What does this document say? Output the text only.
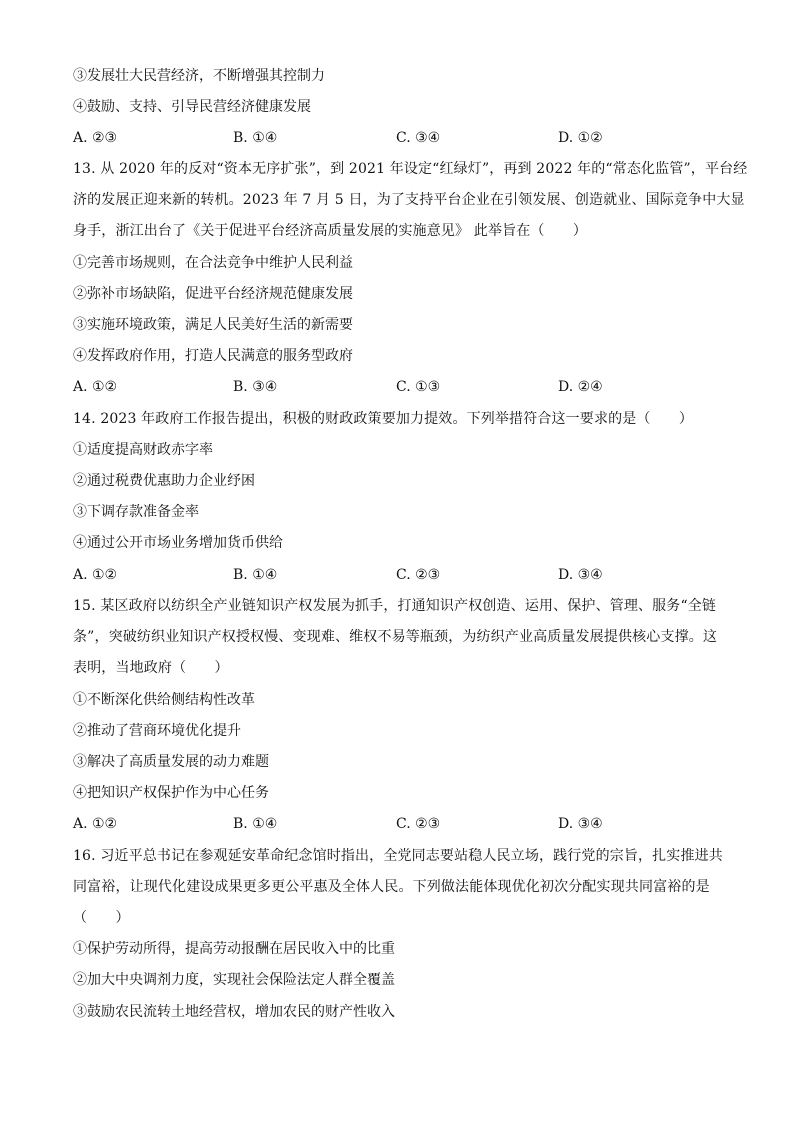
③发展壮大民营经济，不断增强其控制力
④鼓励、支持、引导民营经济健康发展
A. ②③	B. ①④	C. ③④	D. ①②
13. 从 2020 年的反对“资本无序扩张”，到 2021 年设定“红绿灯”，再到 2022 年的“常态化监管”，平台经
济的发展正迎来新的转机。2023 年 7 月 5 日，为了支持平台企业在引领发展、创造就业、国际竞争中大显
身手，浙江出台了《关于促进平台经济高质量发展的实施意见》 此举旨在（　　）
①完善市场规则，在合法竞争中维护人民利益
②弥补市场缺陷，促进平台经济规范健康发展
③实施环境政策，满足人民美好生活的新需要
④发挥政府作用，打造人民满意的服务型政府
A. ①②	B. ③④	C. ①③	D. ②④
14. 2023 年政府工作报告提出，积极的财政政策要加力提效。下列举措符合这一要求的是（　　）
①适度提高财政赤字率
②通过税费优惠助力企业纾困
③下调存款准备金率
④通过公开市场业务增加货币供给
A. ①②	B. ①④	C. ②③	D. ③④
15. 某区政府以纺织全产业链知识产权发展为抓手，打通知识产权创造、运用、保护、管理、服务“全链
条”，突破纺织业知识产权授权慢、变现难、维权不易等瓶颈，为纺织产业高质量发展提供核心支撑。这
表明，当地政府（　　）
①不断深化供给侧结构性改革
②推动了营商环境优化提升
③解决了高质量发展的动力难题
④把知识产权保护作为中心任务
A. ①②	B. ①④	C. ②③	D. ③④
16. 习近平总书记在参观延安革命纪念馆时指出，全党同志要站稳人民立场，践行党的宗旨，扎实推进共
同富裕，让现代化建设成果更多更公平惠及全体人民。下列做法能体现优化初次分配实现共同富裕的是
（　　）
①保护劳动所得，提高劳动报酬在居民收入中的比重
②加大中央调剂力度，实现社会保险法定人群全覆盖
③鼓励农民流转土地经营权，增加农民的财产性收入
